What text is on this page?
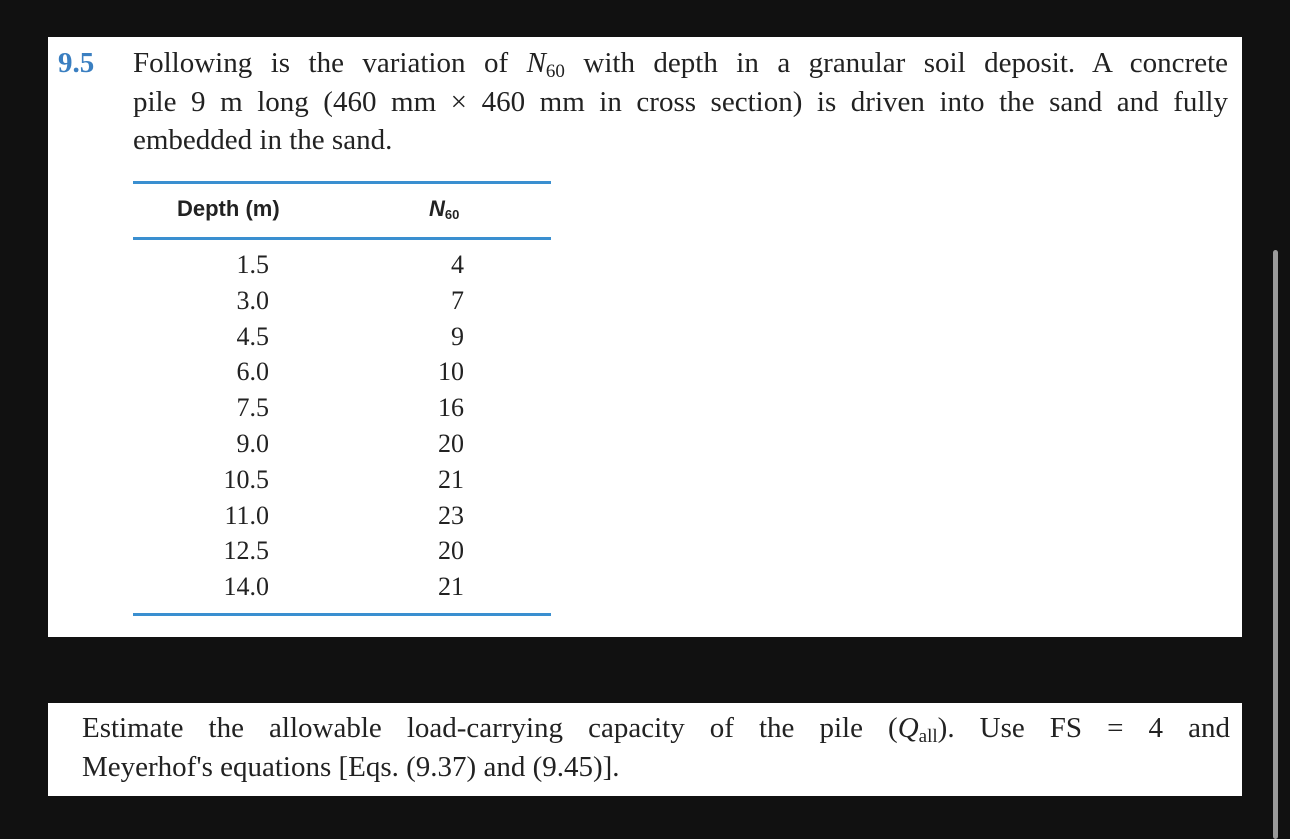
9.5 Following is the variation of $N_{60}$ with depth in a granular soil deposit. A concrete
pile 9 m long (460 mm × 460 mm in cross section) is driven into the sand and fully
embedded in the sand.
Depth (m)	$N_{60}$
1.5	4
3.0	7
4.5	9
6.0	10
7.5	16
9.0	20
10.5	21
11.0	23
12.5	20
14.0	21
Estimate the allowable load-carrying capacity of the pile $(Q_{all})$. Use FS = 4 and
Meyerhof's equations [Eqs. (9.37) and (9.45)].
